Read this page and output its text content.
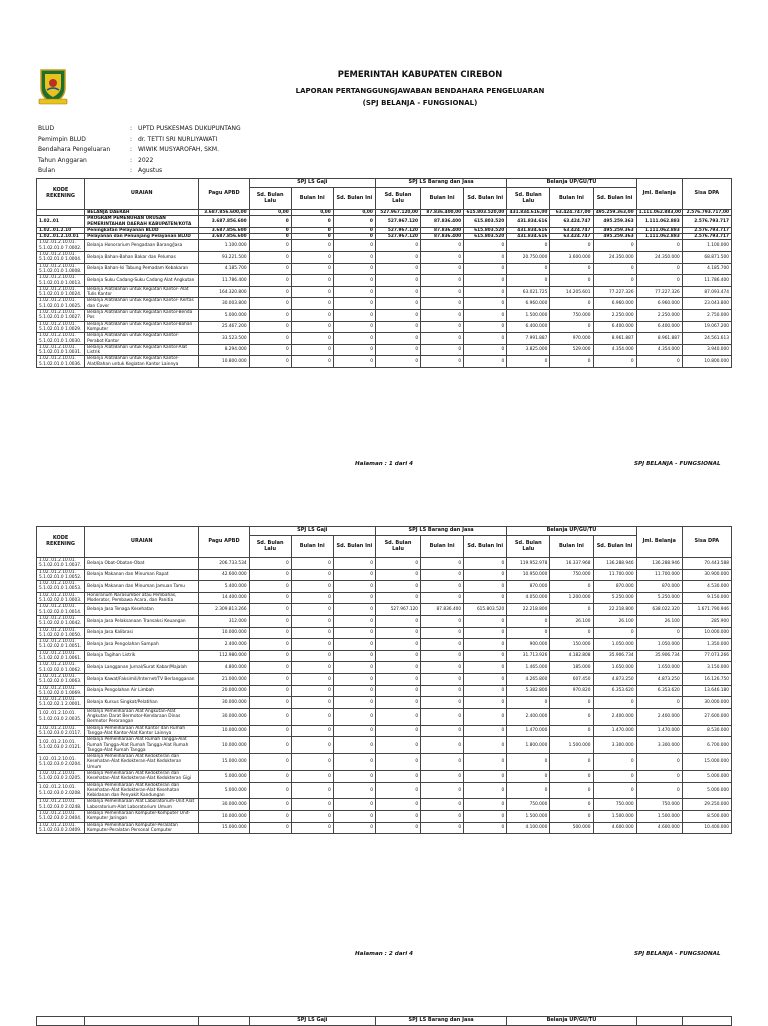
PEMERINTAH KABUPATEN CIREBON
LAPORAN PERTANGGUNGJAWABAN BENDAHARA PENGELUARAN
(SPJ BELANJA - FUNGSIONAL)
BLUD	: UPTD PUSKESMAS DUKUPUNTANG
Pemimpin BLUD	: dr. TETTI SRI NURLIYAWATI
Bendahara Pengeluaran	: WIWIK MUSYAROFAH, SKM.
Tahun Anggaran	: 2022
Bulan	: Agustus
KODE REKENING	URAIAN	Pagu APBD	SPJ LS Gaji			SPJ LS Barang dan Jasa			Belanja UP/GU/TU			Jml. Belanja	Sisa DPA
			Sd. Bulan Lalu	Bulan Ini	Sd. Bulan Ini	Sd. Bulan Lalu	Bulan Ini	Sd. Bulan Ini	Sd. Bulan Lalu	Bulan Ini	Sd. Bulan Ini		
	BELANJA DAERAH	3.687.856.600,00	0,00	0,00	0,00	527.967.120,00	87.836.400,00	615.803.520,00	431.834.616,00	63.424.747,00	495.259.363,00	1.111.062.883,00	2.576.793.717,00
1.02..01	PROGRAM PEMENUHAN URUSAN PEMERINTAHAN DAERAH KABUPATEN/KOTA	3.687.856.600	0	0	0	527.967.120	87.836.400	615.803.520	431.834.616	63.424.747	495.259.363	1.111.062.883	2.576.793.717
1.02..01.2.10	Peningkatan Pelayanan BLUD	3.687.856.600	0	0	0	527.967.120	87.836.400	615.803.520	431.834.616	63.424.747	495.259.363	1.111.062.883	2.576.793.717
1.02..01.2.10.01	Pelayanan dan Penunjang Pelayanan BLUD	3.687.856.600	0	0	0	527.967.120	87.836.400	615.803.520	431.834.616	63.424.747	495.259.363	1.111.062.883	2.576.793.717
1.02..01.2.10.01. 5.1.02.01.0 7.0002.	Belanja Honorarium Pengadaan Barang/Jasa	1.100.000	0	0	0	0	0	0	0	0	0	0	1.100.000
1.02..01.2.10.01. 5.1.02.01.0 1.0004.	Belanja Bahan-Bahan Bakar dan Pelumas	93.221.500	0	0	0	0	0	0	20.750.000	3.600.000	24.350.000	24.350.000	68.871.500
1.02..01.2.10.01. 5.1.02.01.0 1.0008.	Belanja Bahan-Isi Tabung Pemadam Kebakaran	4.185.700	0	0	0	0	0	0	0	0	0	0	4.185.700
1.02..01.2.10.01. 5.1.02.01.0 1.0013.	Belanja Suku Cadang-Suku Cadang Alat Angkutan	11.786.400	0	0	0	0	0	0	0	0	0	0	11.786.400
1.02..01.2.10.01. 5.1.02.01.0 1.0024.	Belanja Alat/Bahan untuk Kegiatan Kantor- Alat Tulis Kantor	164.320.800	0	0	0	0	0	0	63.021.725	14.205.601	77.227.326	77.227.326	87.093.474
1.02..01.2.10.01. 5.1.02.01.0 1.0025.	Belanja Alat/Bahan untuk Kegiatan Kantor- Kertas dan Cover	30.003.800	0	0	0	0	0	0	6.960.000	0	6.960.000	6.960.000	23.043.800
1.02..01.2.10.01. 5.1.02.01.0 1.0027.	Belanja Alat/Bahan untuk Kegiatan Kantor-Benda Pos	5.000.000	0	0	0	0	0	0	1.500.000	750.000	2.250.000	2.250.000	2.750.000
1.02..01.2.10.01. 5.1.02.01.0 1.0029.	Belanja Alat/Bahan untuk Kegiatan Kantor-Bahan Komputer	25.467.200	0	0	0	0	0	0	6.400.000	0	6.400.000	6.400.000	19.067.200
1.02..01.2.10.01. 5.1.02.01.0 1.0030.	Belanja Alat/Bahan untuk Kegiatan Kantor- Perabot Kantor	33.523.500	0	0	0	0	0	0	7.991.887	970.000	8.961.887	8.961.887	24.561.613
1.02..01.2.10.01. 5.1.02.01.0 1.0031.	Belanja Alat/Bahan untuk Kegiatan Kantor-Alat Listrik	8.294.000	0	0	0	0	0	0	3.825.000	529.000	4.354.000	4.354.000	3.940.000
1.02..01.2.10.01. 5.1.02.01.0 1.0036.	Belanja Alat/Bahan untuk Kegiatan Kantor-Alat/Bahan untuk Kegiatan Kantor Lainnya	10.800.000	0	0	0	0	0	0	0	0	0	0	10.800.000
Halaman : 1 dari 4	SPJ BELANJA - FUNGSIONAL
KODE REKENING	URAIAN	Pagu APBD	SPJ LS Gaji			SPJ LS Barang dan Jasa			Belanja UP/GU/TU			Jml. Belanja	Sisa DPA
			Sd. Bulan Lalu	Bulan Ini	Sd. Bulan Ini	Sd. Bulan Lalu	Bulan Ini	Sd. Bulan Ini	Sd. Bulan Lalu	Bulan Ini	Sd. Bulan Ini		
1.02..01.2.10.01. 5.1.02.01.0 1.0037.	Belanja Obat-Obatan-Obat	206.733.534	0	0	0	0	0	0	119.952.978	16.337.968	136.288.946	136.288.946	70.443.588
1.02..01.2.10.01. 5.1.02.01.0 1.0052.	Belanja Makanan dan Minuman Rapat	42.600.000	0	0	0	0	0	0	10.950.000	750.000	11.700.000	11.700.000	30.900.000
1.02..01.2.10.01. 5.1.02.01.0 1.0053.	Belanja Makanan dan Minuman Jamuan Tamu	5.400.000	0	0	0	0	0	0	870.000	0	870.000	870.000	4.530.000
1.02..01.2.10.01. 5.1.02.02.0 1.0003.	Honorarium Narasumber atau Pembahas, Moderator, Pembawa Acara, dan Panitia	14.400.000	0	0	0	0	0	0	4.050.000	1.200.000	5.250.000	5.250.000	9.150.000
1.02..01.2.10.01. 5.1.02.02.0 1.0014.	Belanja Jasa Tenaga Kesehatan	2.309.813.266	0	0	0	527.967.120	87.836.400	615.803.520	22.218.800	0	22.218.800	638.022.320	1.671.790.946
1.02..01.2.10.01. 5.1.02.02.0 1.0042.	Belanja Jasa Pelaksanaan Transaksi Keuangan	312.000	0	0	0	0	0	0	0	26.100	26.100	26.100	285.900
1.02..01.2.10.01. 5.1.02.02.0 1.0050.	Belanja Jasa Kalibrasi	10.000.000	0	0	0	0	0	0	0	0	0	0	10.000.000
1.02..01.2.10.01. 5.1.02.02.0 1.0051.	Belanja Jasa Pengolahan Sampah	2.400.000	0	0	0	0	0	0	900.000	150.000	1.050.000	1.050.000	1.350.000
1.02..01.2.10.01. 5.1.02.02.0 1.0061.	Belanja Tagihan Listrik	112.980.000	0	0	0	0	0	0	31.713.926	4.182.808	35.906.734	35.906.734	77.073.266
1.02..01.2.10.01. 5.1.02.02.0 1.0062.	Belanja Langganan Jurnal/Surat Kabar/Majalah	4.800.000	0	0	0	0	0	0	1.465.000	185.000	1.650.000	1.650.000	3.150.000
1.02..01.2.10.01. 5.1.02.02.0 1.0063.	Belanja Kawat/Faksimili/Internet/TV Berlangganan	21.000.000	0	0	0	0	0	0	4.265.800	607.450	4.873.250	4.873.250	16.126.750
1.02..01.2.10.01. 5.1.02.02.0 1.0069.	Belanja Pengolahan Air Limbah	20.000.000	0	0	0	0	0	0	5.382.800	970.820	6.353.620	6.353.620	13.646.180
1.02..01.2.10.01. 5.1.02.02.1 2.0001.	Belanja Kursus Singkat/Pelatihan	30.000.000	0	0	0	0	0	0	0	0	0	0	30.000.000
1.02..01.2.10.01. 5.1.02.03.0 2.0035.	Belanja Pemeliharaan Alat Angkutan-Alat Angkutan Darat Bermotor-Kendaraan Dinas Bermotor Perorangan	30.000.000	0	0	0	0	0	0	2.400.000	0	2.400.000	2.400.000	27.600.000
1.02..01.2.10.01. 5.1.02.03.0 2.0117.	Belanja Pemeliharaan Alat Kantor dan Rumah Tangga-Alat Kantor-Alat Kantor Lainnya	10.000.000	0	0	0	0	0	0	1.470.000	0	1.470.000	1.470.000	8.530.000
1.02..01.2.10.01. 5.1.02.03.0 2.0121.	Belanja Pemeliharaan Alat Rumah Tangga-Alat Rumah Tangga-Alat Rumah Tangga-Alat Rumah Tangga-Alat Rumah Tangga	10.000.000	0	0	0	0	0	0	1.800.000	1.500.000	3.300.000	3.300.000	6.700.000
1.02..01.2.10.01. 5.1.02.03.0 2.0204.	Belanja Pemeliharaan Alat Kedokteran dan Kesehatan-Alat Kedokteran-Alat Kedokteran Umum	15.000.000	0	0	0	0	0	0	0	0	0	0	15.000.000
1.02..01.2.10.01. 5.1.02.03.0 2.0205.	Belanja Pemeliharaan Alat Kedokteran dan Kesehatan-Alat Kedokteran-Alat Kedokteran Gigi	5.000.000	0	0	0	0	0	0	0	0	0	0	5.000.000
1.02..01.2.10.01. 5.1.02.03.0 2.0208.	Belanja Pemeliharaan Alat Kedokteran dan Kesehatan-Alat Kedokteran-Alat Kesehatan Kebidanan dan Penyakit Kandungan	5.000.000	0	0	0	0	0	0	0	0	0	0	5.000.000
1.02..01.2.10.01. 5.1.02.03.0 2.0248.	Belanja Pemeliharaan Alat Laboratorium-Unit Alat Laboratorium-Alat Laboratorium Umum	30.000.000	0	0	0	0	0	0	750.000	0	750.000	750.000	29.250.000
1.02..01.2.10.01. 5.1.02.03.0 2.0404.	Belanja Pemeliharaan Komputer-Komputer Unit-Komputer Jaringan	10.000.000	0	0	0	0	0	0	1.500.000	0	1.500.000	1.500.000	8.500.000
1.02..01.2.10.01. 5.1.02.03.0 2.0409.	Belanja Pemeliharaan Komputer-Peralatan Komputer-Peralatan Personal Computer	15.000.000	0	0	0	0	0	0	4.100.000	500.000	4.600.000	4.600.000	10.400.000
Halaman : 2 dari 4	SPJ BELANJA - FUNGSIONAL
			SPJ LS Gaji	SPJ LS Barang dan Jasa	Belanja UP/GU/TU		
